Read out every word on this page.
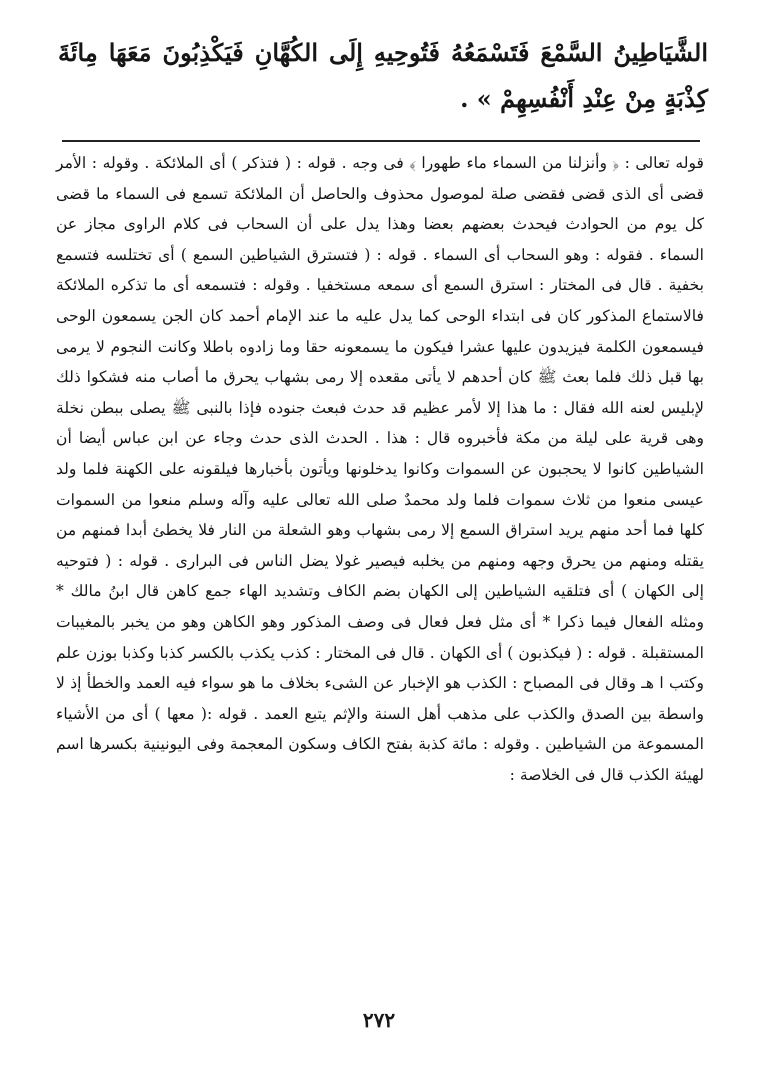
الشَّيَاطِينُ السَّمْعَ فَتَسْمَعُهُ فَتُوحِيهِ إِلَى الكُهَّانِ فَيَكْذِبُونَ مَعَهَا مِائَةَ كِذْبَةٍ مِنْ عِنْدِ أَنْفُسِهِمْ » .

قوله تعالى : ﴿ وأنزلنا من السماء ماء طهورا ﴾ فى وجه . قوله : ( فتذكر ) أى الملائكة . وقوله : الأمر قضى أى الذى قضى فقضى صلة لموصول محذوف والحاصل أن الملائكة تسمع فى السماء ما قضى كل يوم من الحوادث فيحدث بعضهم بعضا وهذا يدل على أن السحاب فى كلام الراوى مجاز عن السماء . فقوله : وهو السحاب أى السماء . قوله : ( فتسترق الشياطين السمع ) أى تختلسه فتسمع بخفية . قال فى المختار : استرق السمع أى سمعه مستخفيا . وقوله : فتسمعه أى ما تذكره الملائكة فالاستماع المذكور كان فى ابتداء الوحى كما يدل عليه ما عند الإمام أحمد كان الجن يسمعون الوحى فيسمعون الكلمة فيزيدون عليها عشرا فيكون ما يسمعونه حقا وما زادوه باطلا وكانت النجوم لا يرمى بها قبل ذلك فلما بعث ﷺ كان أحدهم لا يأتى مقعده إلا رمى بشهاب يحرق ما أصاب منه فشكوا ذلك لإبليس لعنه الله فقال : ما هذا إلا لأمر عظيم قد حدث فبعث جنوده فإذا بالنبى ﷺ يصلى ببطن نخلة وهى قرية على ليلة من مكة فأخبروه قال : هذا . الحدث الذى حدث وجاء عن ابن عباس أيضا أن الشياطين كانوا لا يحجبون عن السموات وكانوا يدخلونها ويأتون بأخبارها فيلقونه على الكهنة فلما ولد عيسى منعوا من ثلاث سموات فلما ولد محمدٌ صلى الله تعالى عليه وآله وسلم منعوا من السموات كلها فما أحد منهم يريد استراق السمع إلا رمى بشهاب وهو الشعلة من النار فلا يخطئ أبدا فمنهم من يقتله ومنهم من يحرق وجهه ومنهم من يخلبه فيصير غولا يضل الناس فى البرارى . قوله : ( فتوحيه إلى الكهان ) أى فتلقيه الشياطين إلى الكهان بضم الكاف وتشديد الهاء جمع كاهن قال ابنُ مالك * ومثله الفعال فيما ذكرا * أى مثل فعل فعال فى وصف المذكور وهو الكاهن وهو من يخبر بالمغيبات المستقبلة . قوله : ( فيكذبون ) أى الكهان . قال فى المختار : كذب يكذب بالكسر كذبا وكذبا بوزن علم وكتب ا هـ وقال فى المصباح : الكذب هو الإخبار عن الشىء بخلاف ما هو سواء فيه العمد والخطأ إذ لا واسطة بين الصدق والكذب على مذهب أهل السنة والإثم يتبع العمد . قوله :( معها ) أى من الأشياء المسموعة من الشياطين . وقوله : مائة كذبة بفتح الكاف وسكون المعجمة وفى اليونينية بكسرها اسم لهيئة الكذب قال فى الخلاصة :

٢٧٢
